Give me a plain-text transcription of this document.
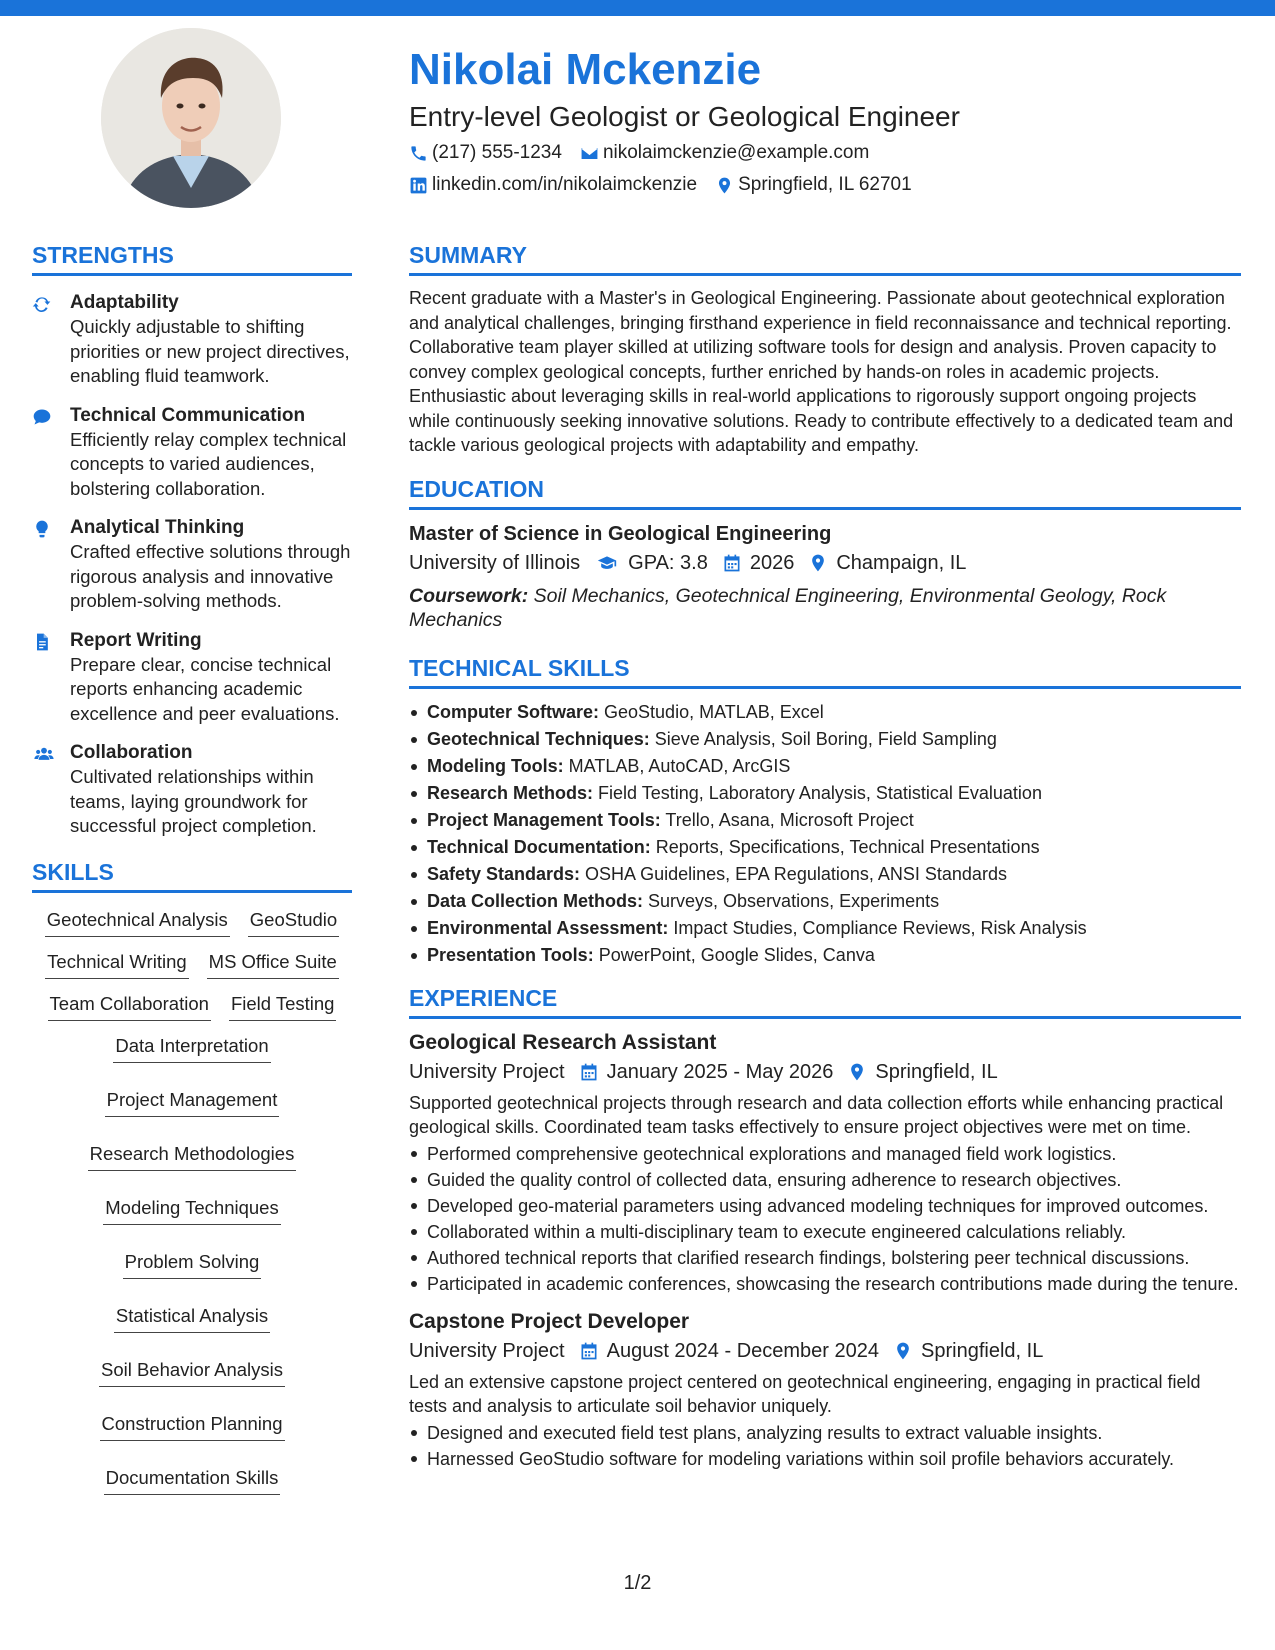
Nikolai Mckenzie
Entry-level Geologist or Geological Engineer
(217) 555-1234 nikolaimckenzie@example.com
linkedin.com/in/nikolaimckenzie Springfield, IL 62701
STRENGTHS
Adaptability
Quickly adjustable to shifting priorities or new project directives, enabling fluid teamwork.
Technical Communication
Efficiently relay complex technical concepts to varied audiences, bolstering collaboration.
Analytical Thinking
Crafted effective solutions through rigorous analysis and innovative problem-solving methods.
Report Writing
Prepare clear, concise technical reports enhancing academic excellence and peer evaluations.
Collaboration
Cultivated relationships within teams, laying groundwork for successful project completion.
SKILLS
Geotechnical Analysis GeoStudio
Technical Writing MS Office Suite
Team Collaboration Field Testing
Data Interpretation
Project Management
Research Methodologies
Modeling Techniques
Problem Solving
Statistical Analysis
Soil Behavior Analysis
Construction Planning
Documentation Skills
SUMMARY
Recent graduate with a Master's in Geological Engineering. Passionate about geotechnical exploration and analytical challenges, bringing firsthand experience in field reconnaissance and technical reporting. Collaborative team player skilled at utilizing software tools for design and analysis. Proven capacity to convey complex geological concepts, further enriched by hands-on roles in academic projects. Enthusiastic about leveraging skills in real-world applications to rigorously support ongoing projects while continuously seeking innovative solutions. Ready to contribute effectively to a dedicated team and tackle various geological projects with adaptability and empathy.
EDUCATION
Master of Science in Geological Engineering
University of Illinois GPA: 3.8 2026 Champaign, IL
Coursework: Soil Mechanics, Geotechnical Engineering, Environmental Geology, Rock Mechanics
TECHNICAL SKILLS
Computer Software: GeoStudio, MATLAB, Excel
Geotechnical Techniques: Sieve Analysis, Soil Boring, Field Sampling
Modeling Tools: MATLAB, AutoCAD, ArcGIS
Research Methods: Field Testing, Laboratory Analysis, Statistical Evaluation
Project Management Tools: Trello, Asana, Microsoft Project
Technical Documentation: Reports, Specifications, Technical Presentations
Safety Standards: OSHA Guidelines, EPA Regulations, ANSI Standards
Data Collection Methods: Surveys, Observations, Experiments
Environmental Assessment: Impact Studies, Compliance Reviews, Risk Analysis
Presentation Tools: PowerPoint, Google Slides, Canva
EXPERIENCE
Geological Research Assistant
University Project January 2025 - May 2026 Springfield, IL
Supported geotechnical projects through research and data collection efforts while enhancing practical geological skills. Coordinated team tasks effectively to ensure project objectives were met on time.
Performed comprehensive geotechnical explorations and managed field work logistics.
Guided the quality control of collected data, ensuring adherence to research objectives.
Developed geo-material parameters using advanced modeling techniques for improved outcomes.
Collaborated within a multi-disciplinary team to execute engineered calculations reliably.
Authored technical reports that clarified research findings, bolstering peer technical discussions.
Participated in academic conferences, showcasing the research contributions made during the tenure.
Capstone Project Developer
University Project August 2024 - December 2024 Springfield, IL
Led an extensive capstone project centered on geotechnical engineering, engaging in practical field tests and analysis to articulate soil behavior uniquely.
Designed and executed field test plans, analyzing results to extract valuable insights.
Harnessed GeoStudio software for modeling variations within soil profile behaviors accurately.
1/2
